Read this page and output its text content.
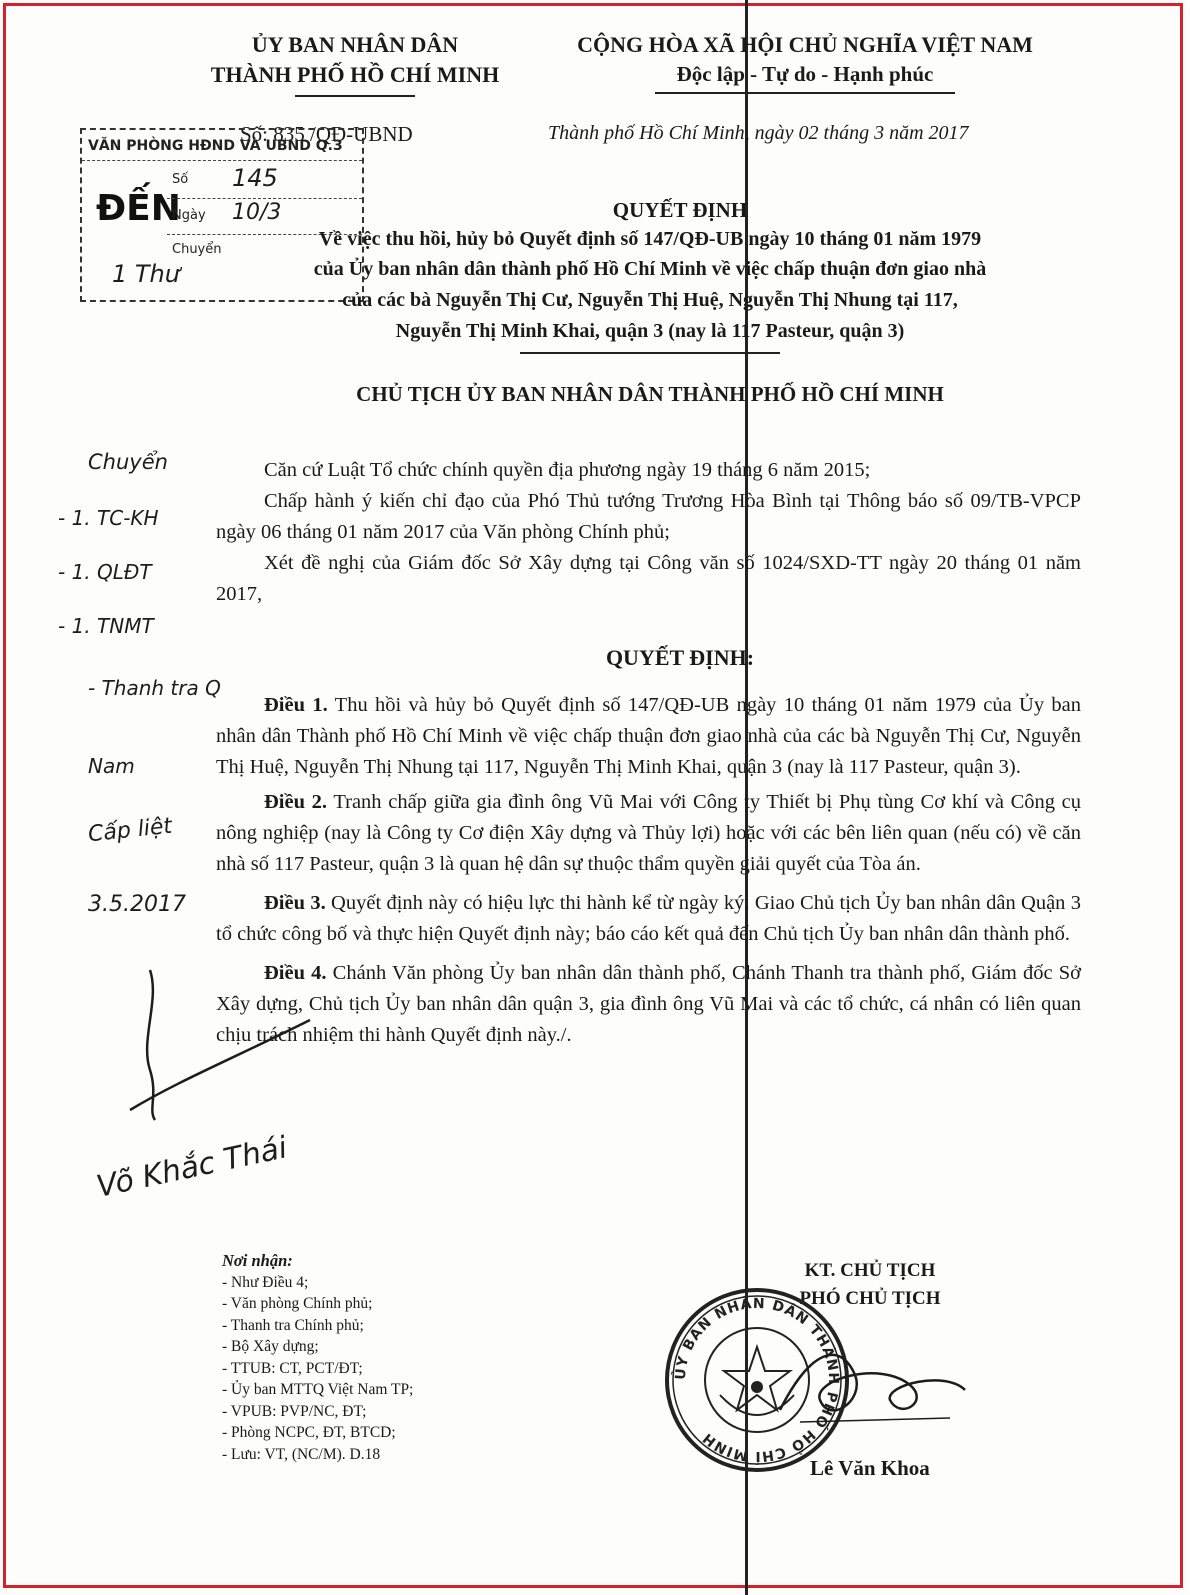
ỦY BAN NHÂN DÂN
THÀNH PHỐ HỒ CHÍ MINH
CỘNG HÒA XÃ HỘI CHỦ NGHĨA VIỆT NAM
Độc lập - Tự do - Hạnh phúc
Số: 835 /QĐ-UBND	Thành phố Hồ Chí Minh, ngày 02 tháng 3 năm 2017
VĂN PHÒNG HĐND VÀ UBND Q.3
ĐẾN
Số 145
Ngày 10/3
Chuyển
1 Thư
QUYẾT ĐỊNH
Về việc thu hồi, hủy bỏ Quyết định số 147/QĐ-UB ngày 10 tháng 01 năm 1979
của Ủy ban nhân dân thành phố Hồ Chí Minh về việc chấp thuận đơn giao nhà
của các bà Nguyễn Thị Cư, Nguyễn Thị Huệ, Nguyễn Thị Nhung tại 117,
Nguyễn Thị Minh Khai, quận 3 (nay là 117 Pasteur, quận 3)
CHỦ TỊCH ỦY BAN NHÂN DÂN THÀNH PHỐ HỒ CHÍ MINH

Căn cứ Luật Tổ chức chính quyền địa phương ngày 19 tháng 6 năm 2015;

Chấp hành ý kiến chỉ đạo của Phó Thủ tướng Trương Hòa Bình tại Thông báo số 09/TB-VPCP ngày 06 tháng 01 năm 2017 của Văn phòng Chính phủ;

Xét đề nghị của Giám đốc Sở Xây dựng tại Công văn số 1024/SXD-TT ngày 20 tháng 01 năm 2017,

QUYẾT ĐỊNH:

Điều 1. Thu hồi và hủy bỏ Quyết định số 147/QĐ-UB ngày 10 tháng 01 năm 1979 của Ủy ban nhân dân Thành phố Hồ Chí Minh về việc chấp thuận đơn giao nhà của các bà Nguyễn Thị Cư, Nguyễn Thị Huệ, Nguyễn Thị Nhung tại 117, Nguyễn Thị Minh Khai, quận 3 (nay là 117 Pasteur, quận 3).

Điều 2. Tranh chấp giữa gia đình ông Vũ Mai với Công ty Thiết bị Phụ tùng Cơ khí và Công cụ nông nghiệp (nay là Công ty Cơ điện Xây dựng và Thủy lợi) hoặc với các bên liên quan (nếu có) về căn nhà số 117 Pasteur, quận 3 là quan hệ dân sự thuộc thẩm quyền giải quyết của Tòa án.

Điều 3. Quyết định này có hiệu lực thi hành kể từ ngày ký. Giao Chủ tịch Ủy ban nhân dân Quận 3 tổ chức công bố và thực hiện Quyết định này; báo cáo kết quả đến Chủ tịch Ủy ban nhân dân thành phố.

Điều 4. Chánh Văn phòng Ủy ban nhân dân thành phố, Chánh Thanh tra thành phố, Giám đốc Sở Xây dựng, Chủ tịch Ủy ban nhân dân quận 3, gia đình ông Vũ Mai và các tổ chức, cá nhân có liên quan chịu trách nhiệm thi hành Quyết định này./.

Nơi nhận:
- Như Điều 4;
- Văn phòng Chính phủ;
- Thanh tra Chính phủ;
- Bộ Xây dựng;
- TTUB: CT, PCT/ĐT;
- Ủy ban MTTQ Việt Nam TP;
- VPUB: PVP/NC, ĐT;
- Phòng NCPC, ĐT, BTCD;
- Lưu: VT, (NC/M). D.18
KT. CHỦ TỊCH
PHÓ CHỦ TỊCH
ỦY BAN NHÂN DÂN THÀNH PHỐ HỒ CHÍ MINH
Lê Văn Khoa
Chuyển
- 1. TC-KH
- 1. QLĐT
- 1. TNMT
- Thanh tra Q
Nam
Cấp liệt
3.5.2017
Võ Khắc Thái
